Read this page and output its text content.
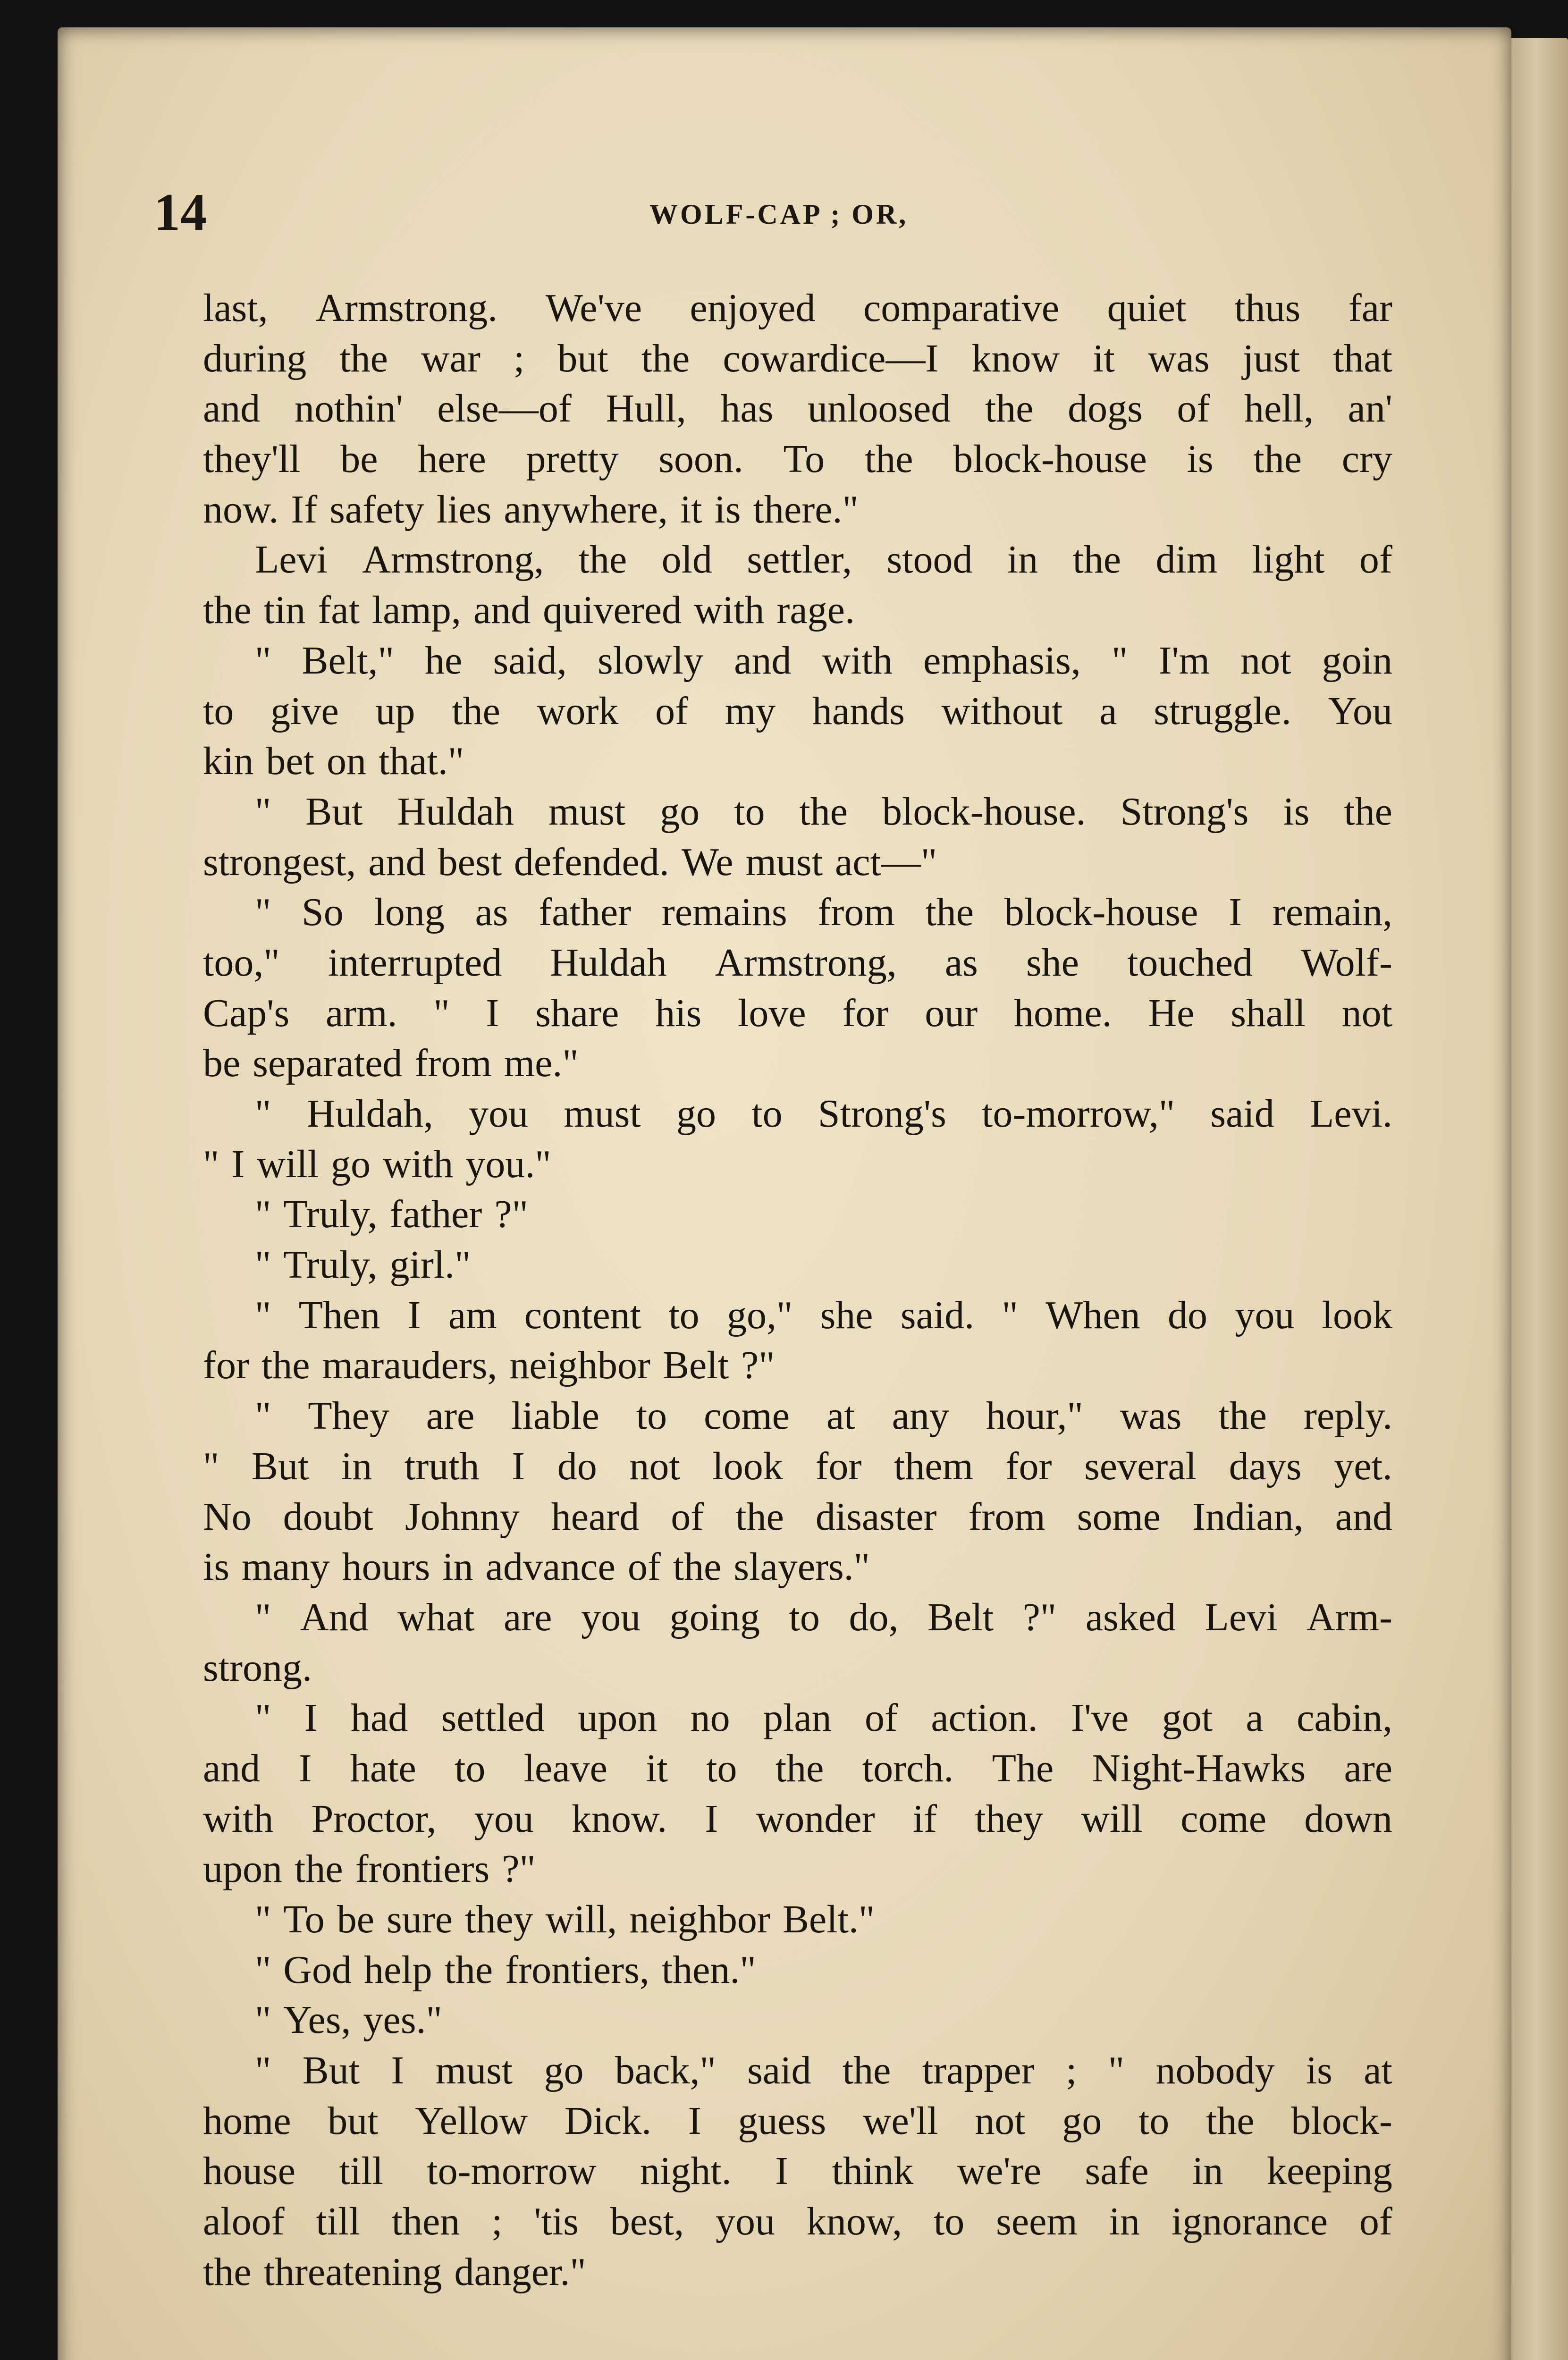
14	WOLF-CAP ; OR,
last, Armstrong. We've enjoyed comparative quiet thus far
during the war ; but the cowardice—I know it was just that
and nothin' else—of Hull, has unloosed the dogs of hell, an'
they'll be here pretty soon. To the block-house is the cry
now. If safety lies anywhere, it is there."
Levi Armstrong, the old settler, stood in the dim light of
the tin fat lamp, and quivered with rage.
" Belt," he said, slowly and with emphasis, " I'm not goin
to give up the work of my hands without a struggle. You
kin bet on that."
" But Huldah must go to the block-house. Strong's is the
strongest, and best defended. We must act—"
" So long as father remains from the block-house I remain,
too," interrupted Huldah Armstrong, as she touched Wolf-
Cap's arm. " I share his love for our home. He shall not
be separated from me."
" Huldah, you must go to Strong's to-morrow," said Levi.
" I will go with you."
" Truly, father ?"
" Truly, girl."
" Then I am content to go," she said. " When do you look
for the marauders, neighbor Belt ?"
" They are liable to come at any hour," was the reply.
" But in truth I do not look for them for several days yet.
No doubt Johnny heard of the disaster from some Indian, and
is many hours in advance of the slayers."
" And what are you going to do, Belt ?" asked Levi Arm-
strong.
" I had settled upon no plan of action. I've got a cabin,
and I hate to leave it to the torch. The Night-Hawks are
with Proctor, you know. I wonder if they will come down
upon the frontiers ?"
" To be sure they will, neighbor Belt."
" God help the frontiers, then."
" Yes, yes."
" But I must go back," said the trapper ; " nobody is at
home but Yellow Dick. I guess we'll not go to the block-
house till to-morrow night. I think we're safe in keeping
aloof till then ; 'tis best, you know, to seem in ignorance of
the threatening danger."
